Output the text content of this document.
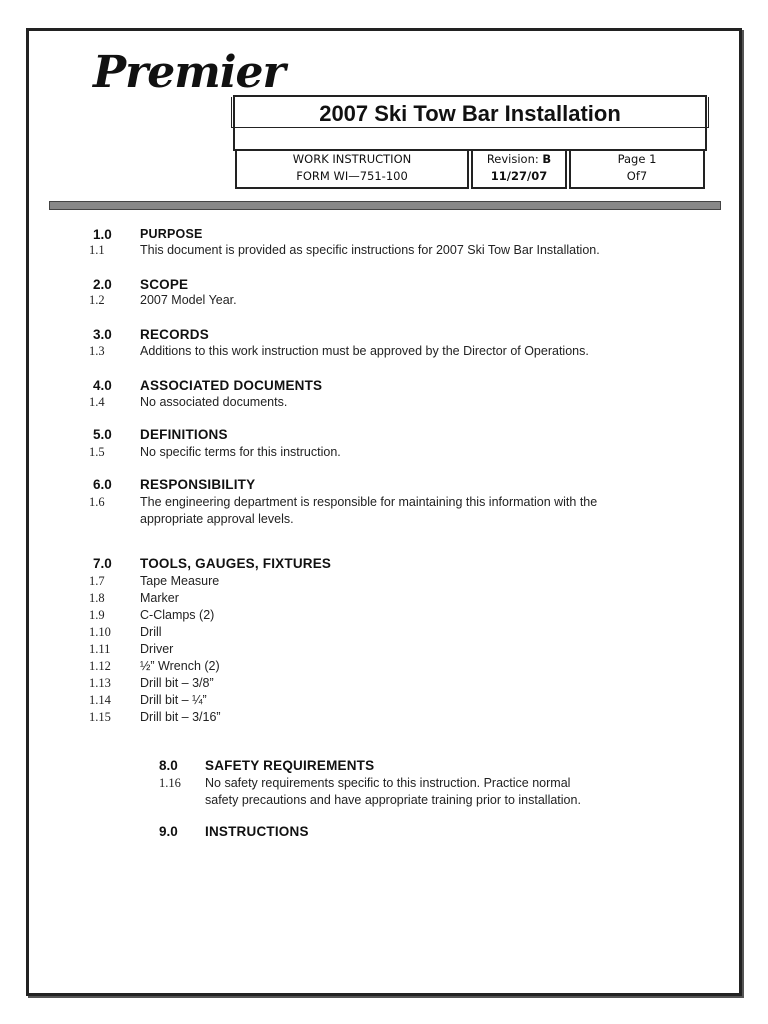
Premier
2007 Ski Tow Bar Installation
WORK INSTRUCTION
FORM WI—751-100
Revision: B
11/27/07
Page 1
Of7
1.0 PURPOSE
1.1	This document is provided as specific instructions for 2007 Ski Tow Bar Installation.
2.0 SCOPE
1.2	2007 Model Year.
3.0 RECORDS
1.3	Additions to this work instruction must be approved by the Director of Operations.
4.0 ASSOCIATED DOCUMENTS
1.4	No associated documents.
5.0 DEFINITIONS
1.5	No specific terms for this instruction.
6.0 RESPONSIBILITY
1.6	The engineering department is responsible for maintaining this information with the
appropriate approval levels.
7.0 TOOLS, GAUGES, FIXTURES
1.7	Tape Measure
1.8	Marker
1.9	C-Clamps (2)
1.10 Drill
1.11 Driver
1.12 ½” Wrench (2)
1.13 Drill bit – 3/8”
1.14 Drill bit – ¼”
1.15 Drill bit – 3/16”
8.0 SAFETY REQUIREMENTS
1.16 No safety requirements specific to this instruction. Practice normal
safety precautions and have appropriate training prior to installation.
9.0 INSTRUCTIONS
